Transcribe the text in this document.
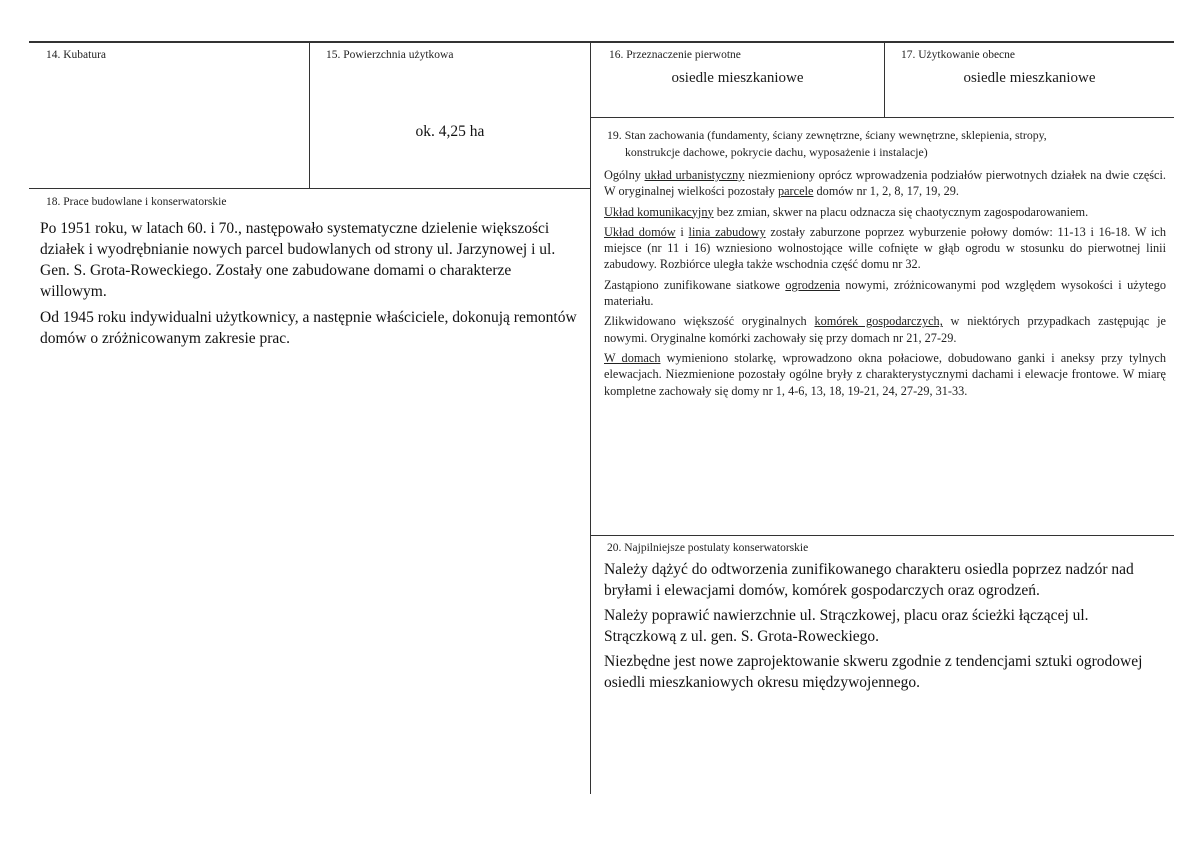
14. Kubatura	15. Powierzchnia użytkowa
ok. 4,25 ha
16. Przeznaczenie pierwotne
osiedle mieszkaniowe
17. Użytkowanie obecne
osiedle mieszkaniowe
18. Prace budowlane i konserwatorskie

Po 1951 roku, w latach 60. i 70., następowało systematyczne dzielenie większości działek i wyodrębnianie nowych parcel budowlanych od strony ul. Jarzynowej i ul. Gen. S. Grota-Roweckiego. Zostały one zabudowane domami o charakterze willowym.

Od 1945 roku indywidualni użytkownicy, a następnie właściciele, dokonują remontów domów o zróżnicowanym zakresie prac.

19. Stan zachowania (fundamenty, ściany zewnętrzne, ściany wewnętrzne, sklepienia, stropy,
konstrukcje dachowe, pokrycie dachu, wyposażenie i instalacje)

Ogólny układ urbanistyczny niezmieniony oprócz wprowadzenia podziałów pierwotnych działek na dwie części. W oryginalnej wielkości pozostały parcele domów nr 1, 2, 8, 17, 19, 29.

Układ komunikacyjny bez zmian, skwer na placu odznacza się chaotycznym zagospodarowaniem.

Układ domów i linia zabudowy zostały zaburzone poprzez wyburzenie połowy domów: 11-13 i 16-18. W ich miejsce (nr 11 i 16) wzniesiono wolnostojące wille cofnięte w głąb ogrodu w stosunku do pierwotnej linii zabudowy. Rozbiórce uległa także wschodnia część domu nr 32.

Zastąpiono zunifikowane siatkowe ogrodzenia nowymi, zróżnicowanymi pod względem wysokości i użytego materiału.

Zlikwidowano większość oryginalnych komórek gospodarczych, w niektórych przypadkach zastępując je nowymi. Oryginalne komórki zachowały się przy domach nr 21, 27-29.

W domach wymieniono stolarkę, wprowadzono okna połaciowe, dobudowano ganki i aneksy przy tylnych elewacjach. Niezmienione pozostały ogólne bryły z charakterystycznymi dachami i elewacje frontowe. W miarę kompletne zachowały się domy nr 1, 4-6, 13, 18, 19-21, 24, 27-29, 31-33.

20. Najpilniejsze postulaty konserwatorskie

Należy dążyć do odtworzenia zunifikowanego charakteru osiedla poprzez nadzór nad bryłami i elewacjami domów, komórek gospodarczych oraz ogrodzeń.

Należy poprawić nawierzchnie ul. Strączkowej, placu oraz ścieżki łączącej ul. Strączkową z ul. gen. S. Grota-Roweckiego.

Niezbędne jest nowe zaprojektowanie skweru zgodnie z tendencjami sztuki ogrodowej osiedli mieszkaniowych okresu międzywojennego.
